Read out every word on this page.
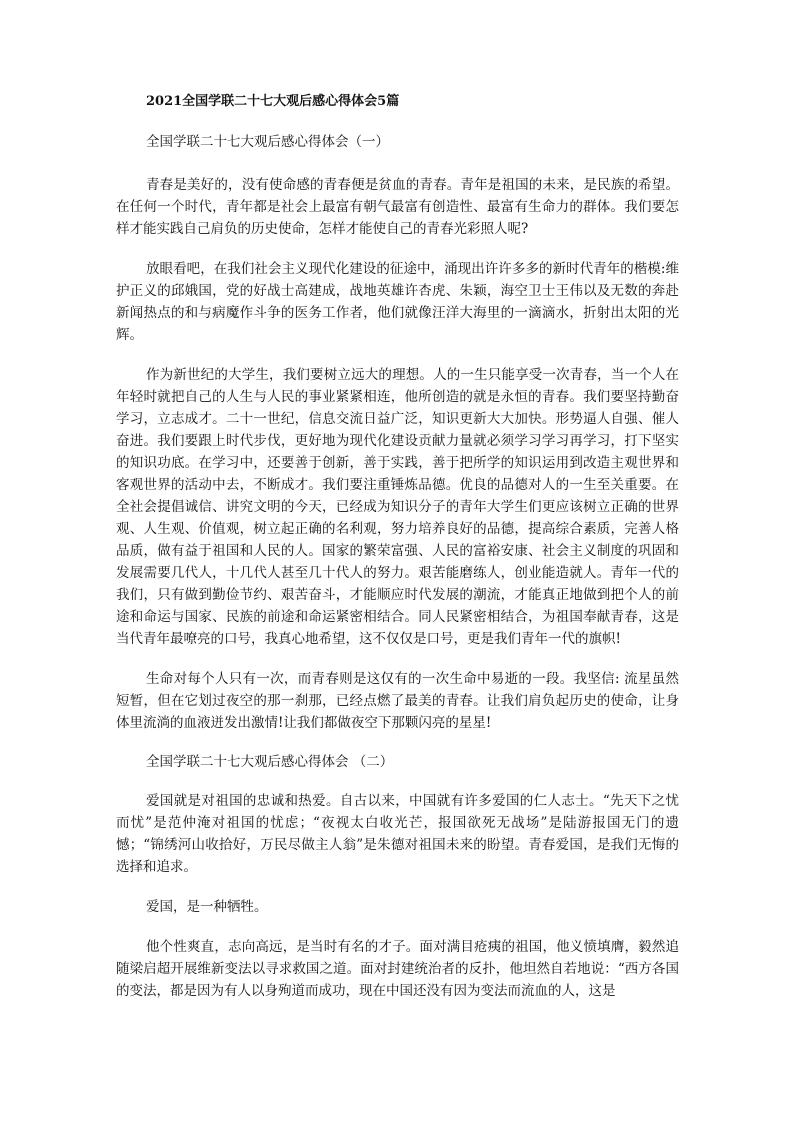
2021全国学联二十七大观后感心得体会5篇
全国学联二十七大观后感心得体会（一）

青春是美好的，没有使命感的青春便是贫血的青春。青年是祖国的未来，是民族的希望。在任何一个时代，青年都是社会上最富有朝气最富有创造性、最富有生命力的群体。我们要怎样才能实践自己肩负的历史使命，怎样才能使自己的青春光彩照人呢?

放眼看吧，在我们社会主义现代化建设的征途中，涌现出许许多多的新时代青年的楷模:维护正义的邱娥国，党的好战士高建成，战地英雄许杏虎、朱颖，海空卫士王伟以及无数的奔赴新闻热点的和与病魔作斗争的医务工作者，他们就像汪洋大海里的一滴滴水，折射出太阳的光辉。

作为新世纪的大学生，我们要树立远大的理想。人的一生只能享受一次青春，当一个人在年轻时就把自己的人生与人民的事业紧紧相连，他所创造的就是永恒的青春。我们要坚持勤奋学习，立志成才。二十一世纪，信息交流日益广泛，知识更新大大加快。形势逼人自强、催人奋进。我们要跟上时代步伐，更好地为现代化建设贡献力量就必须学习学习再学习，打下坚实的知识功底。在学习中，还要善于创新，善于实践，善于把所学的知识运用到改造主观世界和客观世界的活动中去，不断成才。我们要注重锤炼品德。优良的品德对人的一生至关重要。在全社会提倡诚信、讲究文明的今天，已经成为知识分子的青年大学生们更应该树立正确的世界观、人生观、价值观，树立起正确的名利观，努力培养良好的品德，提高综合素质，完善人格品质，做有益于祖国和人民的人。国家的繁荣富强、人民的富裕安康、社会主义制度的巩固和发展需要几代人，十几代人甚至几十代人的努力。艰苦能磨练人，创业能造就人。青年一代的我们，只有做到勤俭节约、艰苦奋斗，才能顺应时代发展的潮流，才能真正地做到把个人的前途和命运与国家、民族的前途和命运紧密相结合。同人民紧密相结合，为祖国奉献青春，这是当代青年最嘹亮的口号，我真心地希望，这不仅仅是口号，更是我们青年一代的旗帜!

生命对每个人只有一次，而青春则是这仅有的一次生命中易逝的一段。我坚信: 流星虽然短暂，但在它划过夜空的那一刹那，已经点燃了最美的青春。让我们肩负起历史的使命，让身体里流淌的血液迸发出激情!让我们都做夜空下那颗闪亮的星星!

全国学联二十七大观后感心得体会 （二）

爱国就是对祖国的忠诚和热爱。自古以来，中国就有许多爱国的仁人志士。“先天下之忧而忧”是范仲淹对祖国的忧虑；“夜视太白收光芒，报国欲死无战场”是陆游报国无门的遗憾；“锦绣河山收拾好，万民尽做主人翁”是朱德对祖国未来的盼望。青春爱国，是我们无悔的选择和追求。

爱国，是一种牺牲。

他个性爽直，志向高远，是当时有名的才子。面对满目疮痍的祖国，他义愤填膺，毅然追随梁启超开展维新变法以寻求救国之道。面对封建统治者的反扑，他坦然自若地说：“西方各国的变法，都是因为有人以身殉道而成功，现在中国还没有因为变法而流血的人，这是
